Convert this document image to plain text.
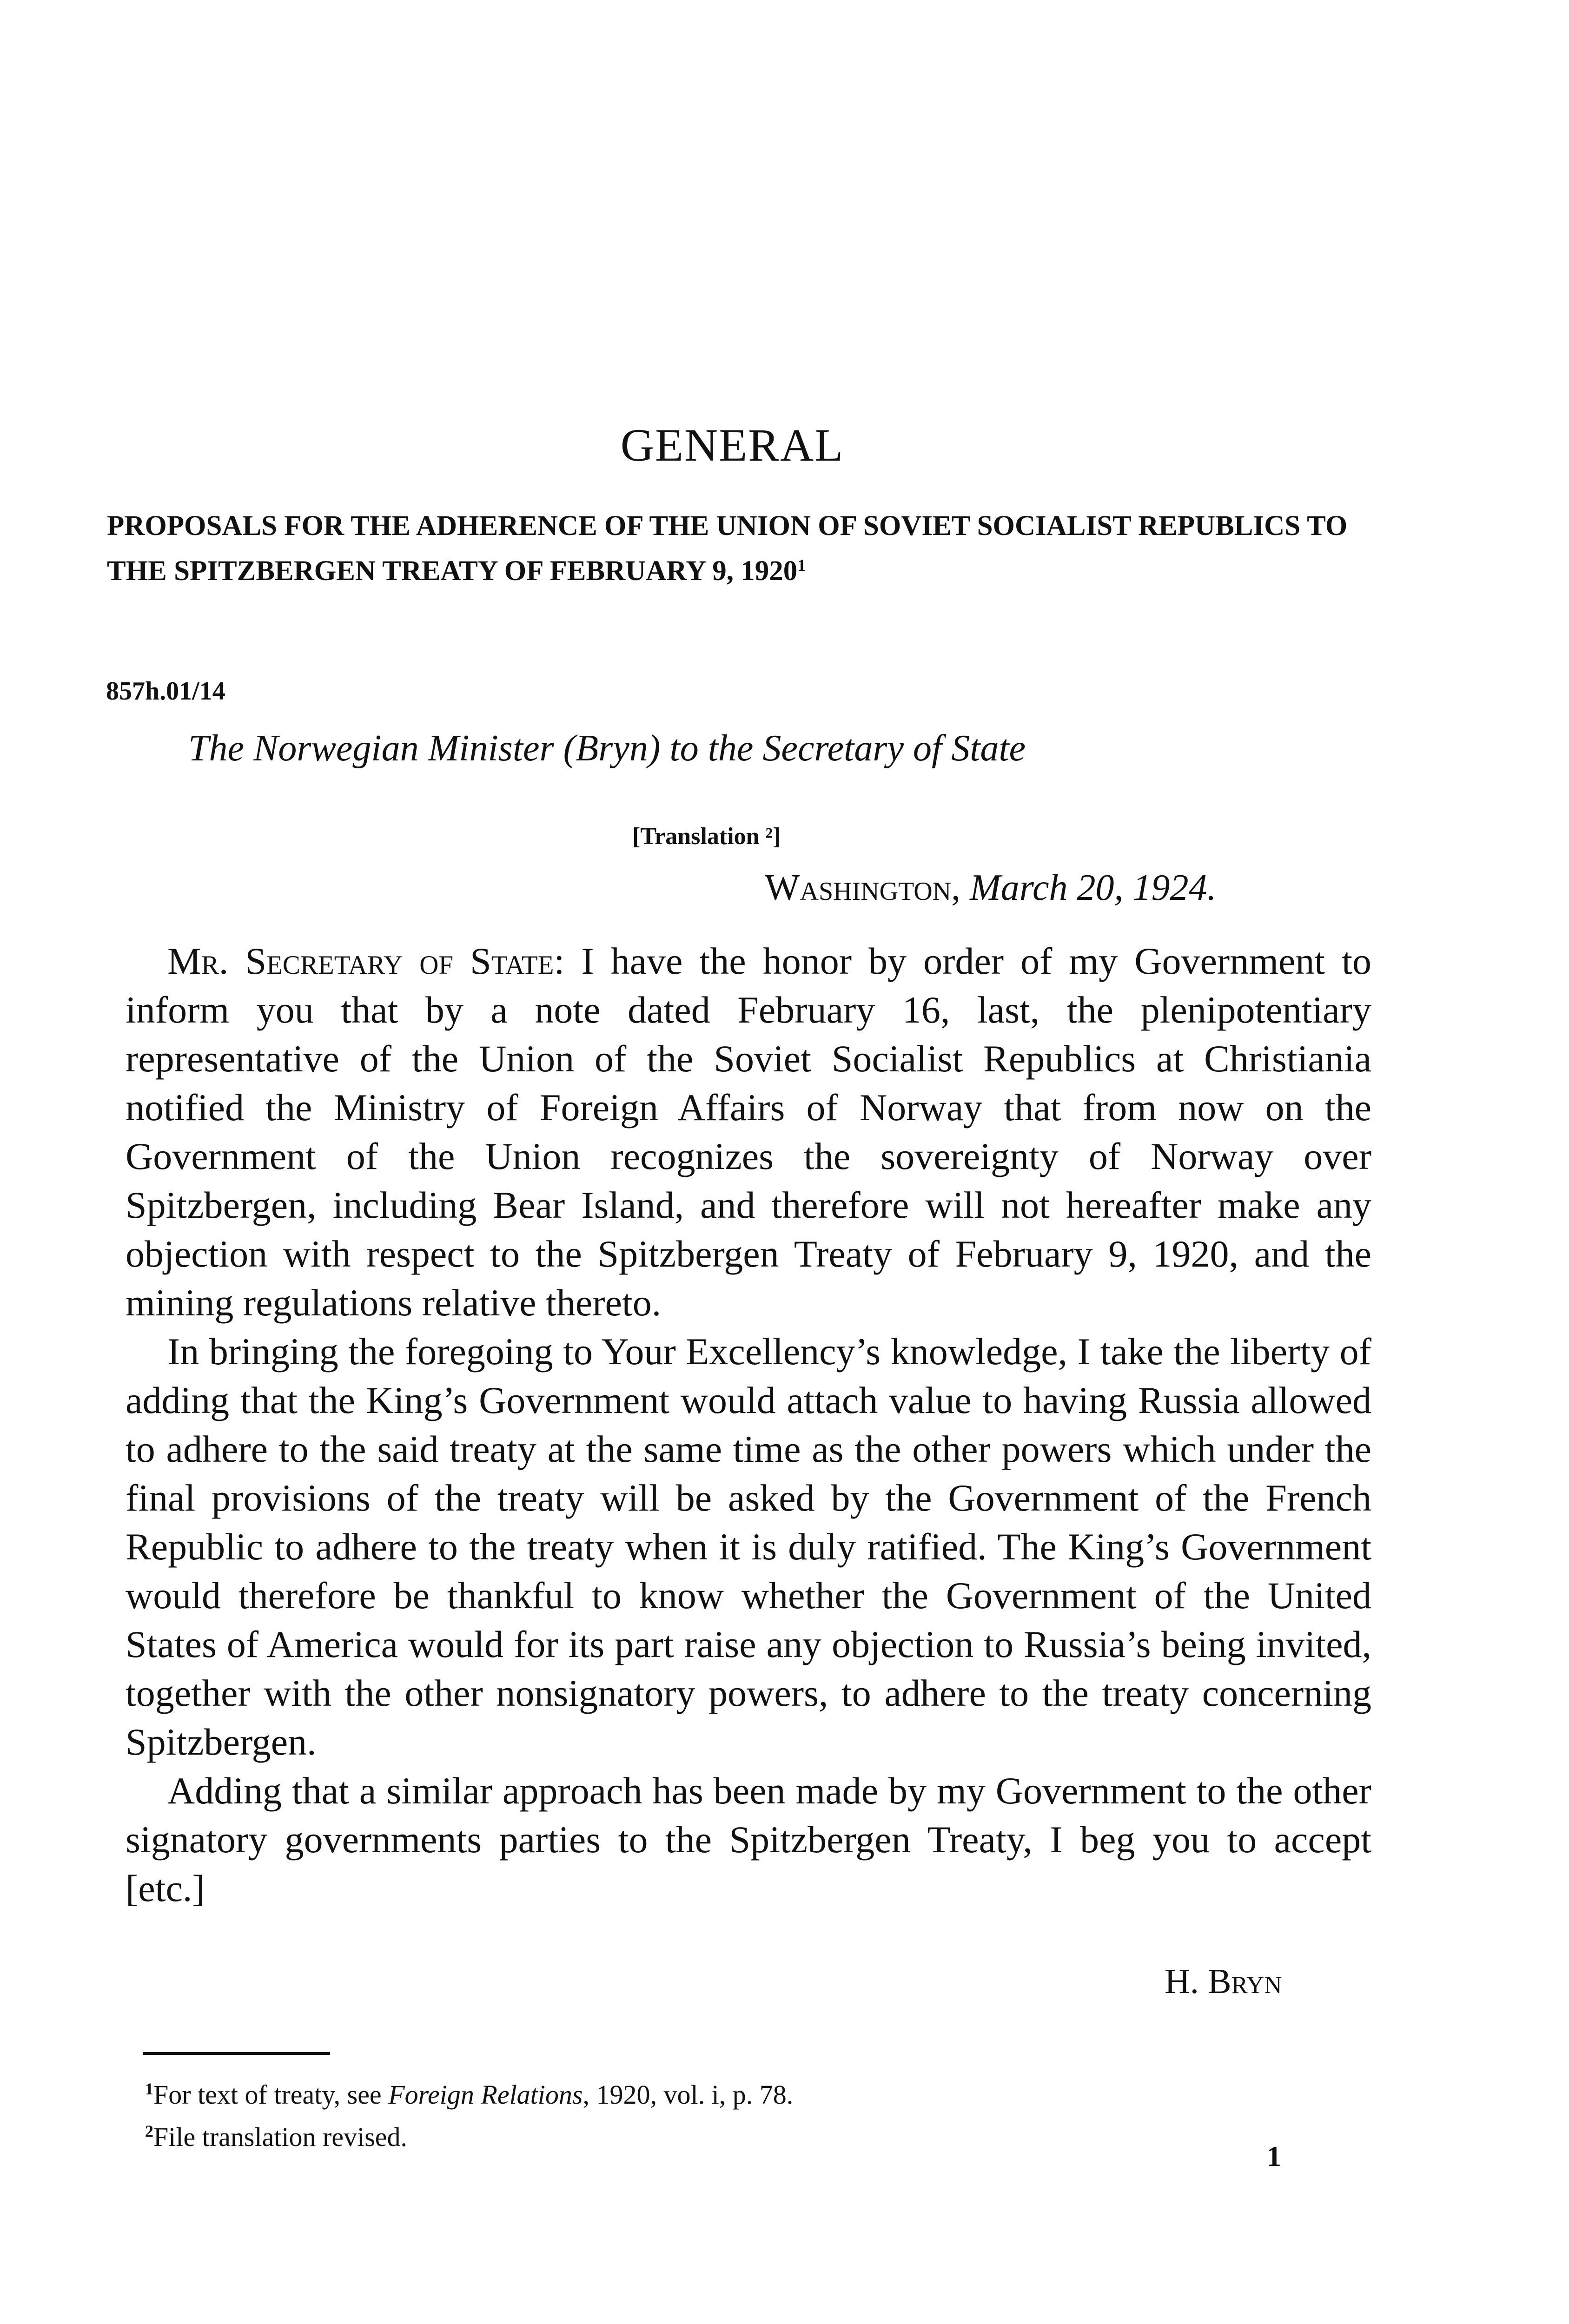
GENERAL
PROPOSALS FOR THE ADHERENCE OF THE UNION OF SOVIET SOCIALIST REPUBLICS TO THE SPITZBERGEN TREATY OF FEBRUARY 9, 1920$^1$

857h.01/14

The Norwegian Minister (Bryn) to the Secretary of State

[Translation ²]

Washington, March 20, 1924.

Mr. Secretary of State: I have the honor by order of my Government to inform you that by a note dated February 16, last, the plenipotentiary representative of the Union of the Soviet Socialist Republics at Christiania notified the Ministry of Foreign Affairs of Norway that from now on the Government of the Union recognizes the sovereignty of Norway over Spitzbergen, including Bear Island, and therefore will not hereafter make any objection with respect to the Spitzbergen Treaty of February 9, 1920, and the mining regulations relative thereto.

In bringing the foregoing to Your Excellency’s knowledge, I take the liberty of adding that the King’s Government would attach value to having Russia allowed to adhere to the said treaty at the same time as the other powers which under the final provisions of the treaty will be asked by the Government of the French Republic to adhere to the treaty when it is duly ratified. The King’s Government would therefore be thankful to know whether the Government of the United States of America would for its part raise any objection to Russia’s being invited, together with the other nonsignatory powers, to adhere to the treaty concerning Spitzbergen.

Adding that a similar approach has been made by my Government to the other signatory governments parties to the Spitzbergen Treaty, I beg you to accept [etc.]

H. Bryn

$^1$For text of treaty, see Foreign Relations, 1920, vol. i, p. 78.

$^2$File translation revised.

1
